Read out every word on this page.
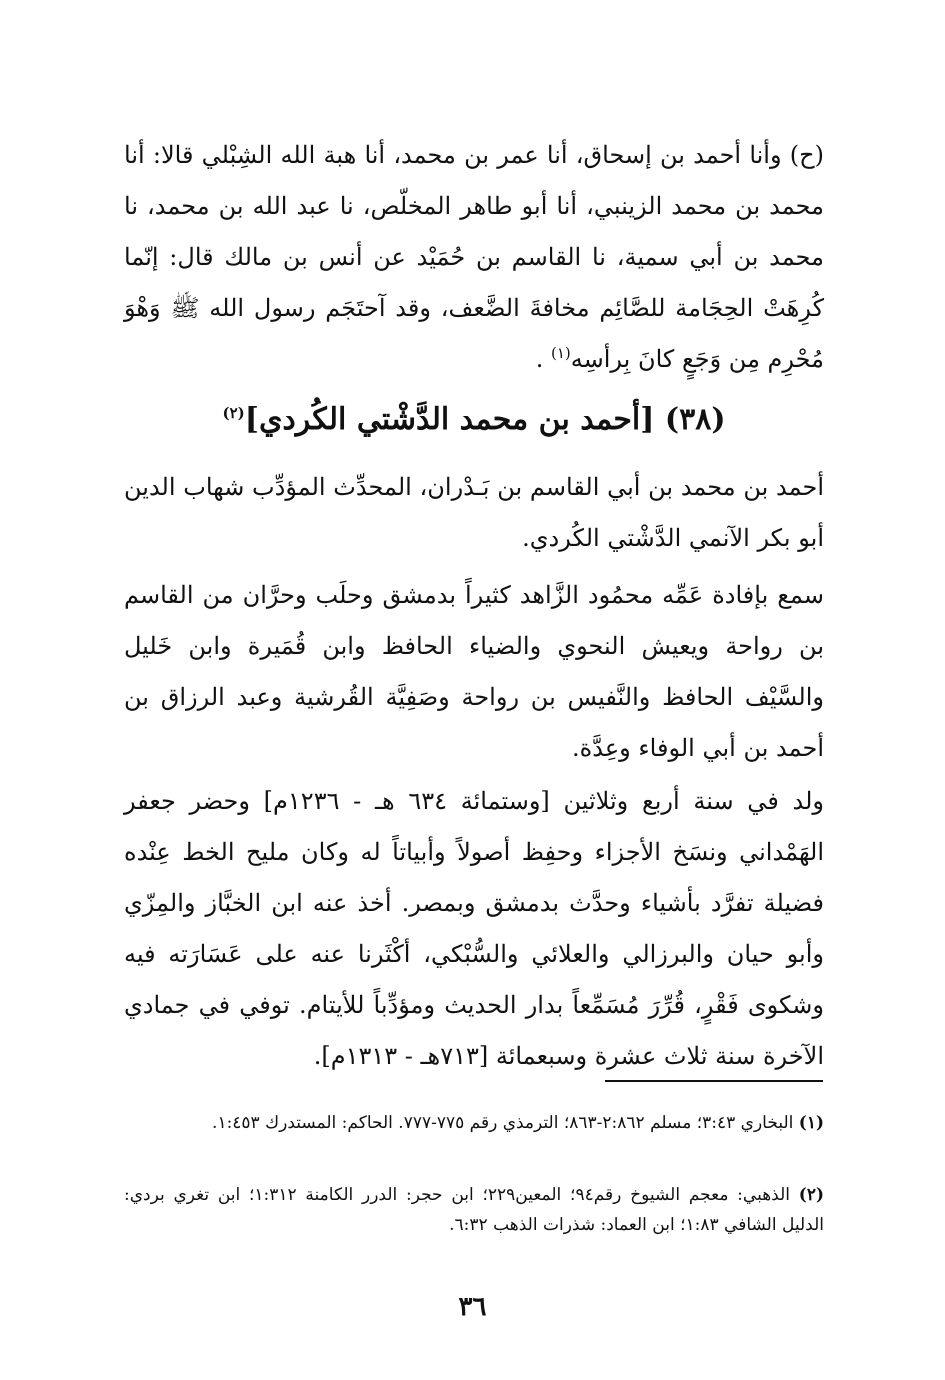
(ح) وأنا أحمد بن إسحاق، أنا عمر بن محمد، أنا هبة الله الشِبْلي قالا: أنا محمد بن محمد الزينبي، أنا أبو طاهر المخلّص، نا عبد الله بن محمد، نا محمد بن أبي سمية، نا القاسم بن حُمَيْد عن أنس بن مالك قال: إنّما كُرِهَتْ الحِجَامة للصَّائِم مخافةَ الضَّعف، وقد آحتَجَم رسول الله ﷺ وَهْوَ مُحْرِم مِن وَجَعٍ كانَ بِرأسِه$^{(١)}$ .

(٣٨) [أحمد بن محمد الدَّشْتي الكُردي]$^{(٢)}$

أحمد بن محمد بن أبي القاسم بن بَـدْران، المحدِّث المؤدِّب شهاب الدين أبو بكر الآنمي الدَّشْتي الكُردي.

سمع بإفادة عَمِّه محمُود الزَّاهد كثيراً بدمشق وحلَب وحرَّان من القاسم بن رواحة ويعيش النحوي والضياء الحافظ وابن قُمَيرة وابن خَليل والسَّيْف الحافظ والنَّفيس بن رواحة وصَفِيَّة القُرشية وعبد الرزاق بن أحمد بن أبي الوفاء وعِدَّة.

ولد في سنة أربع وثلاثين [وستمائة ٦٣٤ هـ - ١٢٣٦م] وحضر جعفر الهَمْداني ونسَخ الأجزاء وحفِظ أصولاً وأبياتاً له وكان مليح الخط عِنْده فضيلة تفرَّد بأشياء وحدَّث بدمشق وبمصر. أخذ عنه ابن الخبَّاز والمِزّي وأبو حيان والبرزالي والعلائي والسُّبْكي، أكْثَرنا عنه على عَسَارَته فيه وشكوى فَقْرٍ، قُرِّرَ مُسَمِّعاً بدار الحديث ومؤدِّباً للأيتام. توفي في جمادي الآخرة سنة ثلاث عشرة وسبعمائة [٧١٣هـ - ١٣١٣م].

(١) البخاري ٣:٤٣؛ مسلم ٢:٨٦٢-٨٦٣؛ الترمذي رقم ٧٧٥-٧٧٧. الحاكم: المستدرك ١:٤٥٣.

(٢) الذهبي: معجم الشيوخ رقم٩٤؛ المعين٢٢٩؛ ابن حجر: الدرر الكامنة ١:٣١٢؛ ابن تغري بردي: الدليل الشافي ١:٨٣؛ ابن العماد: شذرات الذهب ٦:٣٢.

٣٦
